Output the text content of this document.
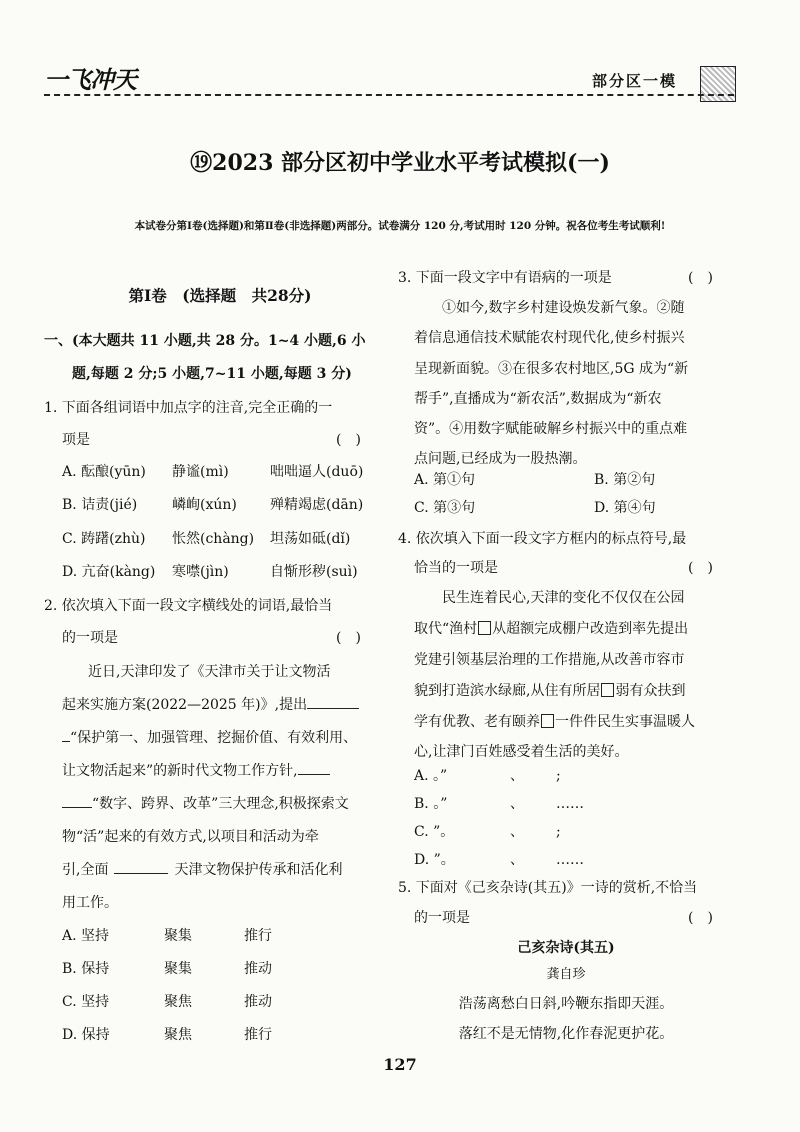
一飞冲天	部分区一模
⑲2023 部分区初中学业水平考试模拟(一)
本试卷分第Ⅰ卷(选择题)和第Ⅱ卷(非选择题)两部分。试卷满分 120 分,考试用时 120 分钟。祝各位考生考试顺利!
第Ⅰ卷　(选择题　共28分)
一、(本大题共 11 小题,共 28 分。1~4 小题,6 小
题,每题 2 分;5 小题,7~11 小题,每题 3 分)
1. 下面各组词语中加点字的注音,完全正确的一
项是	(　)
A. 酝酿(yūn) 静谧(mì)	咄咄逼人(duō)
B. 诘责(jié) 嶙峋(xún) 殚精竭虑(dān)
C. 踌躇(zhù) 怅然(chàng) 坦荡如砥(dǐ)
D. 亢奋(kàng) 寒噤(jìn)	自惭形秽(suì)
2. 依次填入下面一段文字横线处的词语,最恰当
的一项是	(　)
近日,天津印发了《天津市关于让文物活
起来实施方案(2022—2025 年)》,提出
“保护第一、加强管理、挖掘价值、有效利用、
让文物活起来”的新时代文物工作方针,
“数字、跨界、改革”三大理念,积极探索文
物“活”起来的有效方式,以项目和活动为牵
引,全面	天津文物保护传承和活化利
用工作。
A. 坚持	聚集	推行
B. 保持	聚集	推动
C. 坚持	聚焦	推动
D. 保持	聚焦	推行
3. 下面一段文字中有语病的一项是	(　)
①如今,数字乡村建设焕发新气象。②随
着信息通信技术赋能农村现代化,使乡村振兴
呈现新面貌。③在很多农村地区,5G 成为“新
帮手”,直播成为“新农活”,数据成为“新农
资”。④用数字赋能破解乡村振兴中的重点难
点问题,已经成为一股热潮。
A. 第①句	B. 第②句
C. 第③句	D. 第④句
4. 依次填入下面一段文字方框内的标点符号,最
恰当的一项是	(　)
民生连着民心,天津的变化不仅仅在公园
取代“渔村 从超额完成棚户改造到率先提出
党建引领基层治理的工作措施,从改善市容市
貌到打造滨水绿廊,从住有所居 弱有众扶到
学有优教、老有颐养 一件件民生实事温暖人
心,让津门百姓感受着生活的美好。
A. 。”	、 ;
B. 。”	、 ……
C. ”。	、 ;
D. ”。	、 ……
5. 下面对《己亥杂诗(其五)》一诗的赏析,不恰当
的一项是	(　)
己亥杂诗(其五)
龚自珍
浩荡离愁白日斜,吟鞭东指即天涯。
落红不是无情物,化作春泥更护花。
127
